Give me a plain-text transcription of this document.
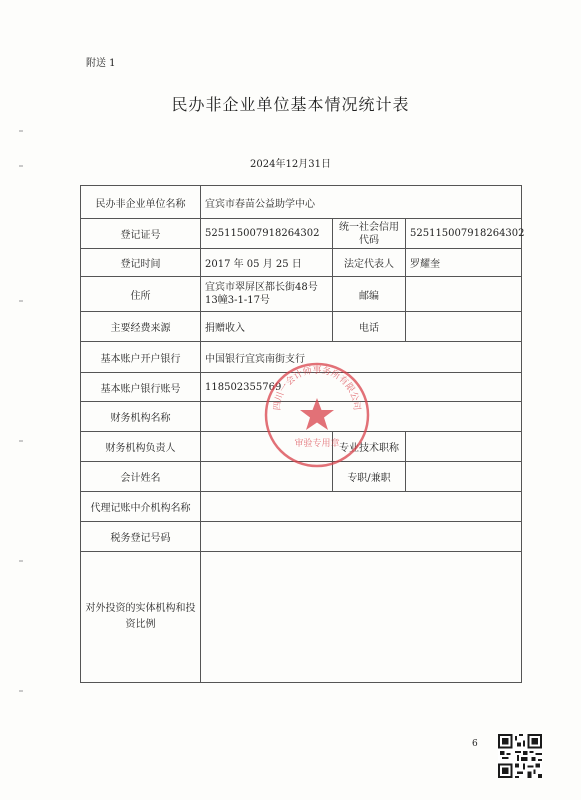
附送 1
民办非企业单位基本情况统计表
2024年12月31日
民办非企业单位名称	宜宾市春苗公益助学中心		
登记证号	525115007918264302	统一社会信用代码	525115007918264302
登记时间	2017 年 05 月 25 日	法定代表人	罗耀奎
住所	宜宾市翠屏区都长街48号13幢3-1-17号	邮编	
主要经费来源	捐赠收入	电话	
基本账户开户银行	中国银行宜宾南街支行		
基本账户银行账号	118502355769		
财务机构名称			
财务机构负责人		专业技术职称	
会计姓名		专职/兼职	
代理记账中介机构名称			
税务登记号码			
对外投资的实体机构和投资比例			
四川一会计师事务所有限公司
审验专用章
6
